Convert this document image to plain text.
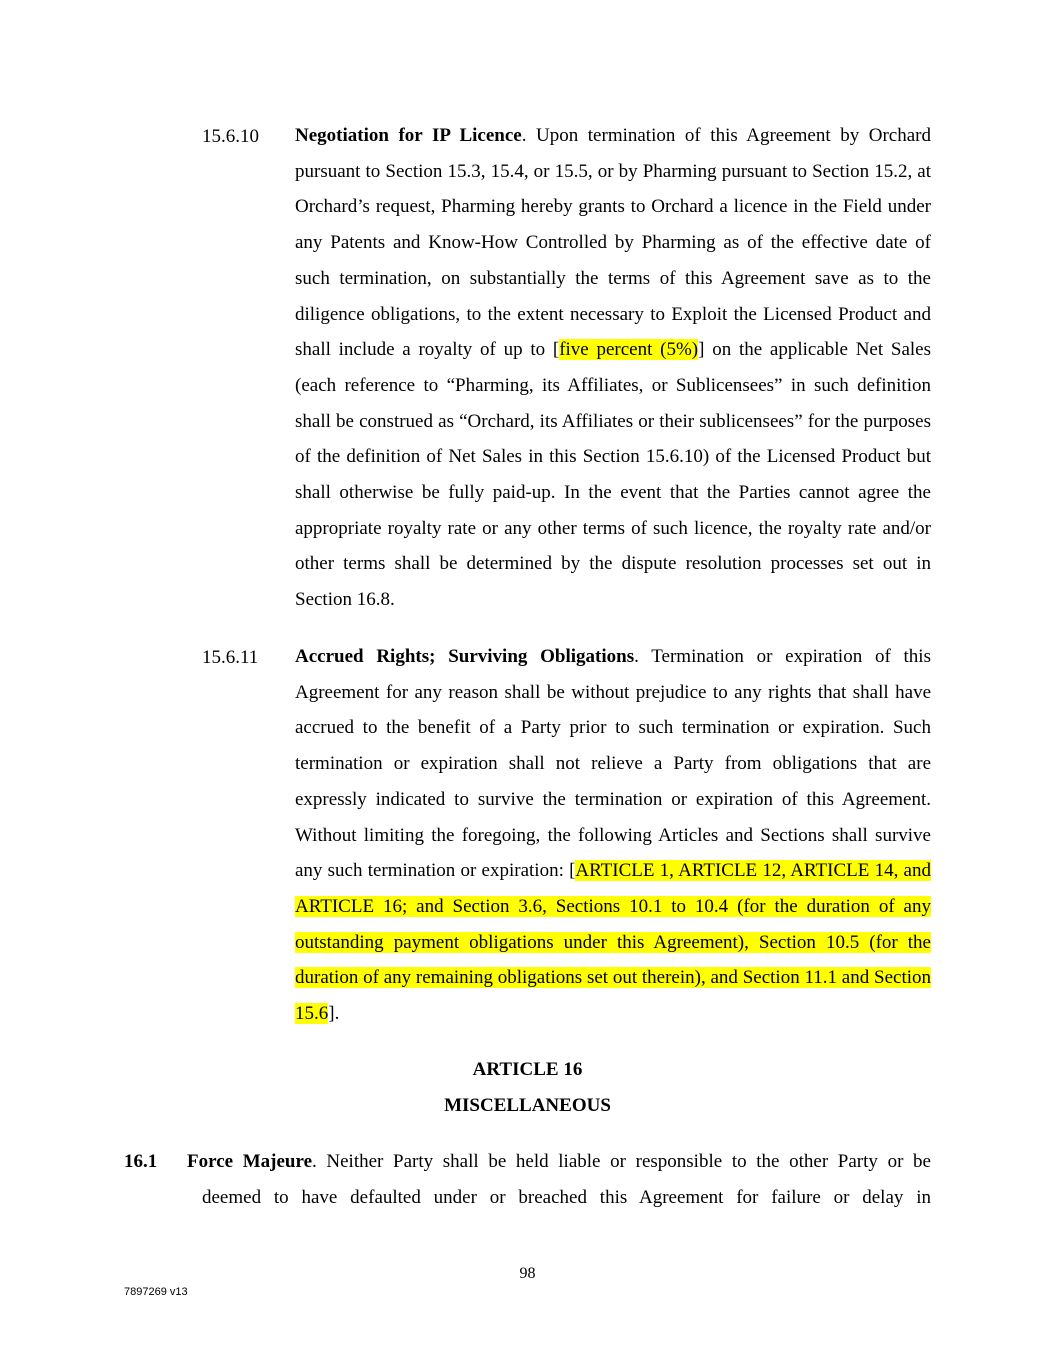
15.6.10 Negotiation for IP Licence. Upon termination of this Agreement by Orchard pursuant to Section 15.3, 15.4, or 15.5, or by Pharming pursuant to Section 15.2, at Orchard’s request, Pharming hereby grants to Orchard a licence in the Field under any Patents and Know-How Controlled by Pharming as of the effective date of such termination, on substantially the terms of this Agreement save as to the diligence obligations, to the extent necessary to Exploit the Licensed Product and shall include a royalty of up to [five percent (5%)] on the applicable Net Sales (each reference to “Pharming, its Affiliates, or Sublicensees” in such definition shall be construed as “Orchard, its Affiliates or their sublicensees” for the purposes of the definition of Net Sales in this Section 15.6.10) of the Licensed Product but shall otherwise be fully paid-up. In the event that the Parties cannot agree the appropriate royalty rate or any other terms of such licence, the royalty rate and/or other terms shall be determined by the dispute resolution processes set out in Section 16.8.

15.6.11 Accrued Rights; Surviving Obligations. Termination or expiration of this Agreement for any reason shall be without prejudice to any rights that shall have accrued to the benefit of a Party prior to such termination or expiration. Such termination or expiration shall not relieve a Party from obligations that are expressly indicated to survive the termination or expiration of this Agreement. Without limiting the foregoing, the following Articles and Sections shall survive any such termination or expiration: [ARTICLE 1, ARTICLE 12, ARTICLE 14, and ARTICLE 16; and Section 3.6, Sections 10.1 to 10.4 (for the duration of any outstanding payment obligations under this Agreement), Section 10.5 (for the duration of any remaining obligations set out therein), and Section 11.1 and Section 15.6].

ARTICLE 16
MISCELLANEOUS
16.1 Force Majeure. Neither Party shall be held liable or responsible to the other Party or be
deemed to have defaulted under or breached this Agreement for failure or delay in
98
7897269 v13
